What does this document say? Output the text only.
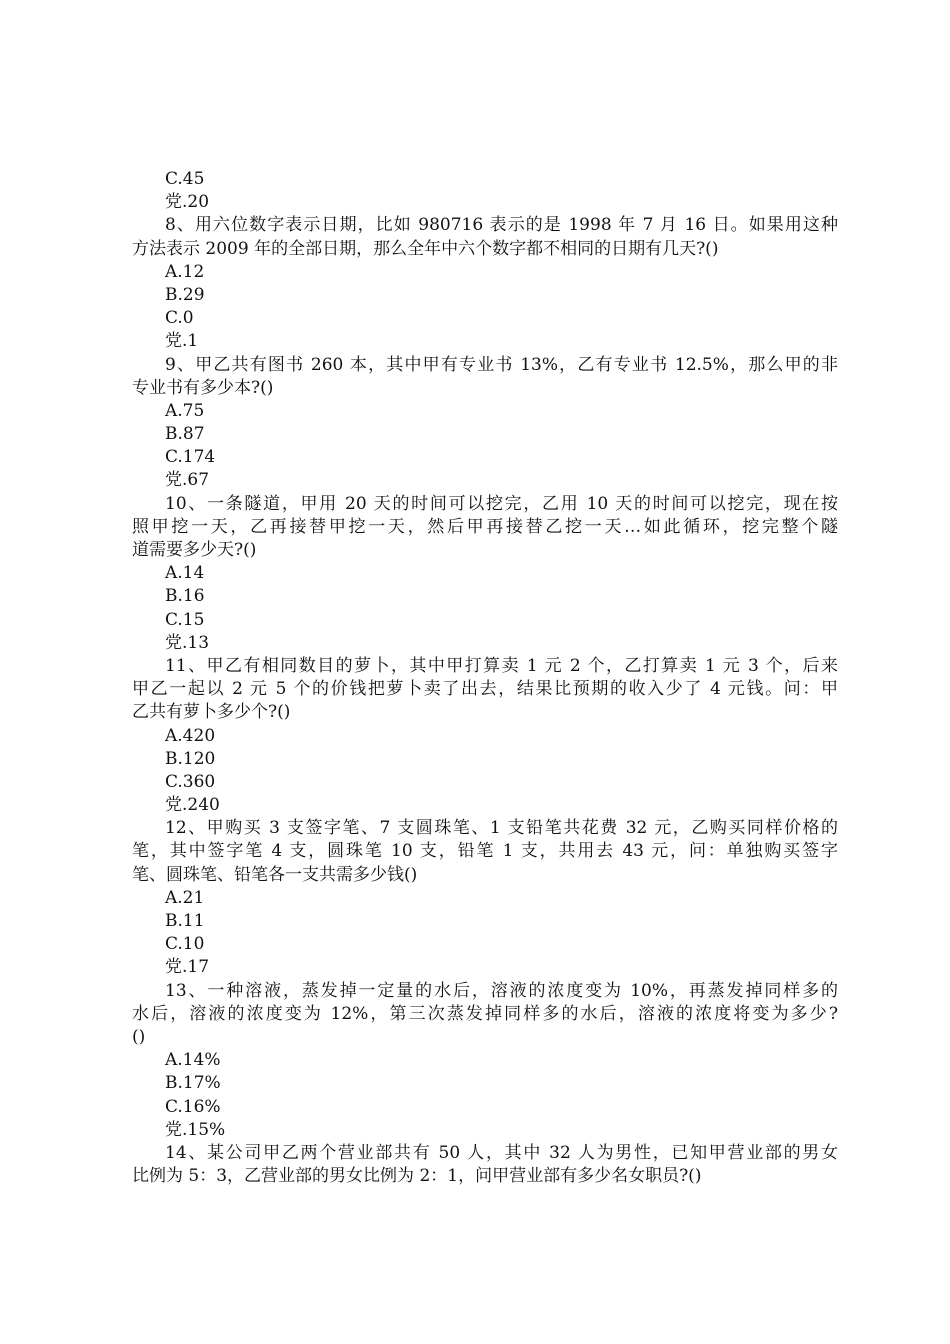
C.45
党.20
8、用六位数字表示日期，比如 980716 表示的是 1998 年 7 月 16 日。如果用这种
方法表示 2009 年的全部日期，那么全年中六个数字都不相同的日期有几天?()
A.12
B.29
C.0
党.1
9、甲乙共有图书 260 本，其中甲有专业书 13%，乙有专业书 12.5%，那么甲的非
专业书有多少本?()
A.75
B.87
C.174
党.67
10、一条隧道，甲用 20 天的时间可以挖完，乙用 10 天的时间可以挖完，现在按
照甲挖一天，乙再接替甲挖一天，然后甲再接替乙挖一天…如此循环，挖完整个隧
道需要多少天?()
A.14
B.16
C.15
党.13
11、甲乙有相同数目的萝卜，其中甲打算卖 1 元 2 个，乙打算卖 1 元 3 个，后来
甲乙一起以 2 元 5 个的价钱把萝卜卖了出去，结果比预期的收入少了 4 元钱。问：甲
乙共有萝卜多少个?()
A.420
B.120
C.360
党.240
12、甲购买 3 支签字笔、7 支圆珠笔、1 支铅笔共花费 32 元，乙购买同样价格的
笔，其中签字笔 4 支，圆珠笔 10 支，铅笔 1 支，共用去 43 元，问：单独购买签字
笔、圆珠笔、铅笔各一支共需多少钱()
A.21
B.11
C.10
党.17
13、一种溶液，蒸发掉一定量的水后，溶液的浓度变为 10%，再蒸发掉同样多的
水后，溶液的浓度变为 12%，第三次蒸发掉同样多的水后，溶液的浓度将变为多少?
()
A.14%
B.17%
C.16%
党.15%
14、某公司甲乙两个营业部共有 50 人，其中 32 人为男性，已知甲营业部的男女
比例为 5：3，乙营业部的男女比例为 2：1，问甲营业部有多少名女职员?()
